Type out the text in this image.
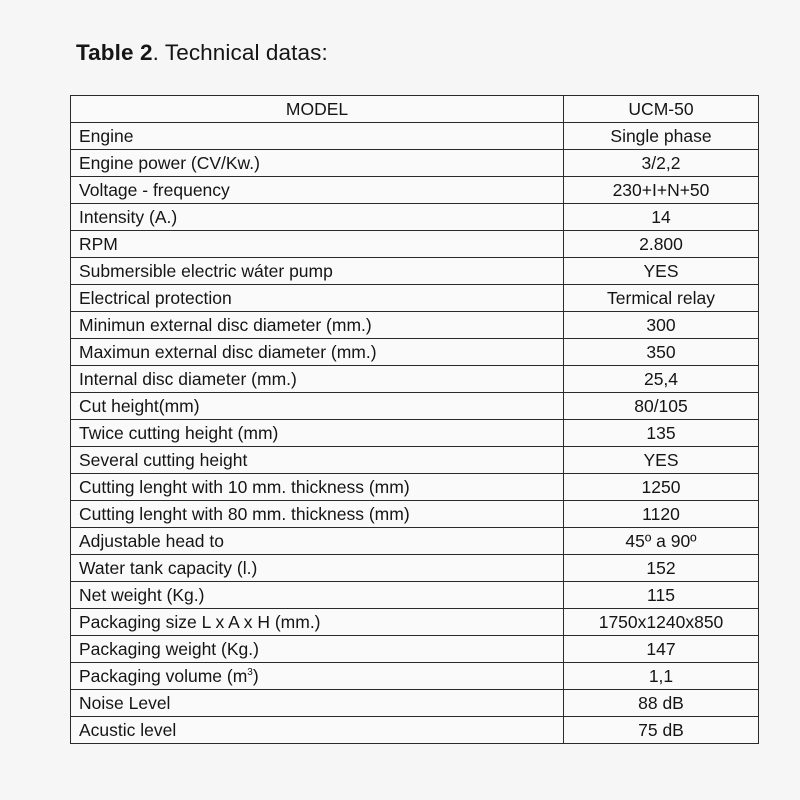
Table 2. Technical datas:
MODEL	UCM-50
Engine	Single phase
Engine power (CV/Kw.)	3/2,2
Voltage - frequency	230+I+N+50
Intensity (A.)	14
RPM	2.800
Submersible electric wáter pump	YES
Electrical protection	Termical relay
Minimun external disc diameter (mm.)	300
Maximun external disc diameter (mm.)	350
Internal disc diameter (mm.)	25,4
Cut height(mm)	80/105
Twice cutting height (mm)	135
Several cutting height	YES
Cutting lenght with 10 mm. thickness (mm)	1250
Cutting lenght with 80 mm. thickness (mm)	1120
Adjustable head to	45º a 90º
Water tank capacity (l.)	152
Net weight (Kg.)	115
Packaging size L x A x H (mm.)	1750x1240x850
Packaging weight (Kg.)	147
Packaging volume $(m^3)$	1,1
Noise Level	88 dB
Acustic level	75 dB
